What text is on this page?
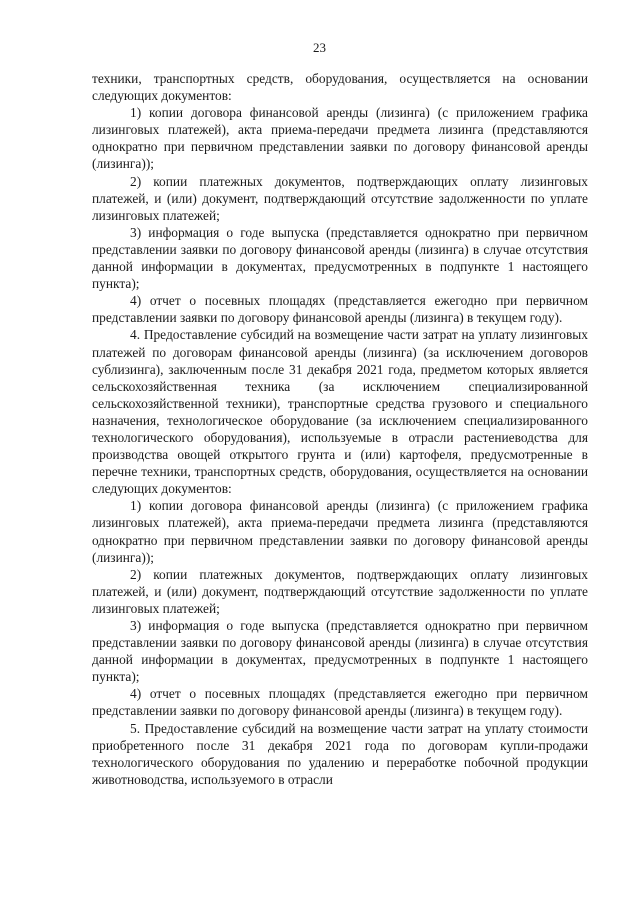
23

техники, транспортных средств, оборудования, осуществляется на основании следующих документов:

1) копии договора финансовой аренды (лизинга) (с приложением графика лизинговых платежей), акта приема-передачи предмета лизинга (представляются однократно при первичном представлении заявки по договору финансовой аренды (лизинга));

2) копии платежных документов, подтверждающих оплату лизинговых платежей, и (или) документ, подтверждающий отсутствие задолженности по уплате лизинговых платежей;

3) информация о годе выпуска (представляется однократно при первичном представлении заявки по договору финансовой аренды (лизинга) в случае отсутствия данной информации в документах, предусмотренных в подпункте 1 настоящего пункта);

4) отчет о посевных площадях (представляется ежегодно при первичном представлении заявки по договору финансовой аренды (лизинга) в текущем году).

4. Предоставление субсидий на возмещение части затрат на уплату лизинговых платежей по договорам финансовой аренды (лизинга) (за исключением договоров сублизинга), заключенным после 31 декабря 2021 года, предметом которых является сельскохозяйственная техника (за исключением специализированной сельскохозяйственной техники), транспортные средства грузового и специального назначения, технологическое оборудование (за исключением специализированного технологического оборудования), используемые в отрасли растениеводства для производства овощей открытого грунта и (или) картофеля, предусмотренные в перечне техники, транспортных средств, оборудования, осуществляется на основании следующих документов:

1) копии договора финансовой аренды (лизинга) (с приложением графика лизинговых платежей), акта приема-передачи предмета лизинга (представляются однократно при первичном представлении заявки по договору финансовой аренды (лизинга));

2) копии платежных документов, подтверждающих оплату лизинговых платежей, и (или) документ, подтверждающий отсутствие задолженности по уплате лизинговых платежей;

3) информация о годе выпуска (представляется однократно при первичном представлении заявки по договору финансовой аренды (лизинга) в случае отсутствия данной информации в документах, предусмотренных в подпункте 1 настоящего пункта);

4) отчет о посевных площадях (представляется ежегодно при первичном представлении заявки по договору финансовой аренды (лизинга) в текущем году).

5. Предоставление субсидий на возмещение части затрат на уплату стоимости приобретенного после 31 декабря 2021 года по договорам купли-продажи технологического оборудования по удалению и переработке побочной продукции животноводства, используемого в отрасли
